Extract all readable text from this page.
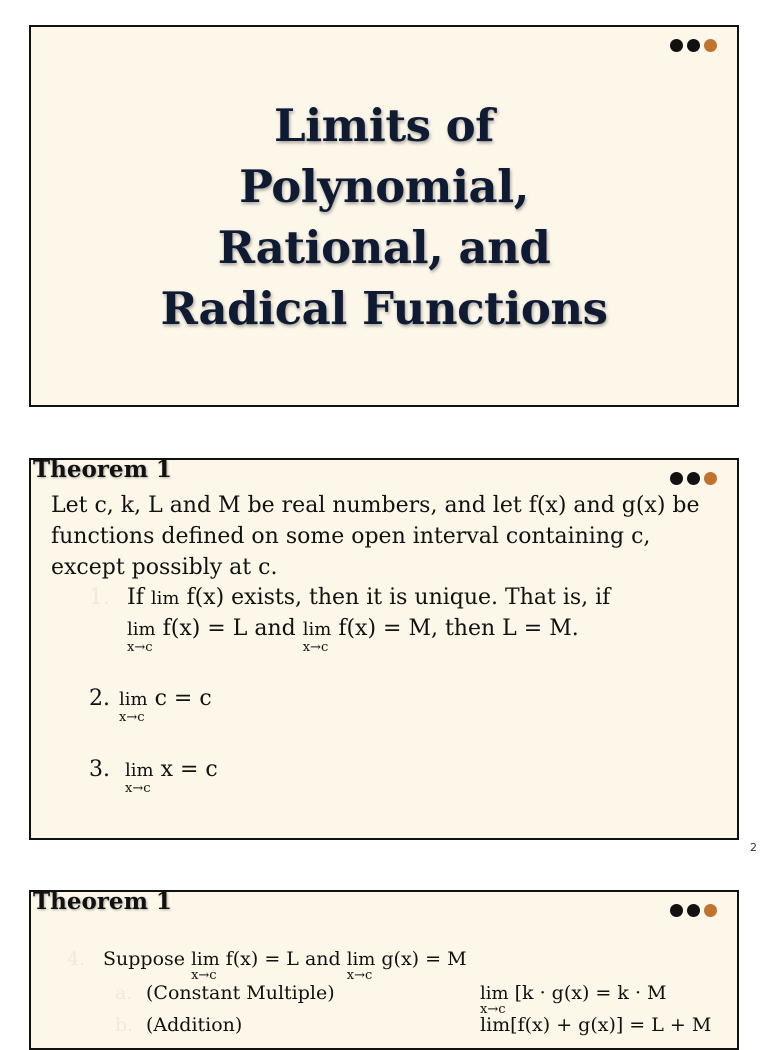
Limits of
Polynomial,
Rational, and
Radical Functions
Theorem 1
Let c, k, L and M be real numbers, and let f(x) and g(x) be
functions defined on some open interval containing c,
except possibly at c.
1. If lim f(x) exists, then it is unique. That is, if
lim
x→c
f(x) = L and lim
x→c
f(x) = M, then L = M.
2. lim
x→c
c = c
3. lim
x→c
x = c
2
Theorem 1
4. Suppose lim
x→c
f(x) = L and lim
x→c
g(x) = M
a. (Constant Multiple)	lim
x→c
[k · g(x) = k · M
b. (Addition)	lim[f(x) + g(x)] = L + M
